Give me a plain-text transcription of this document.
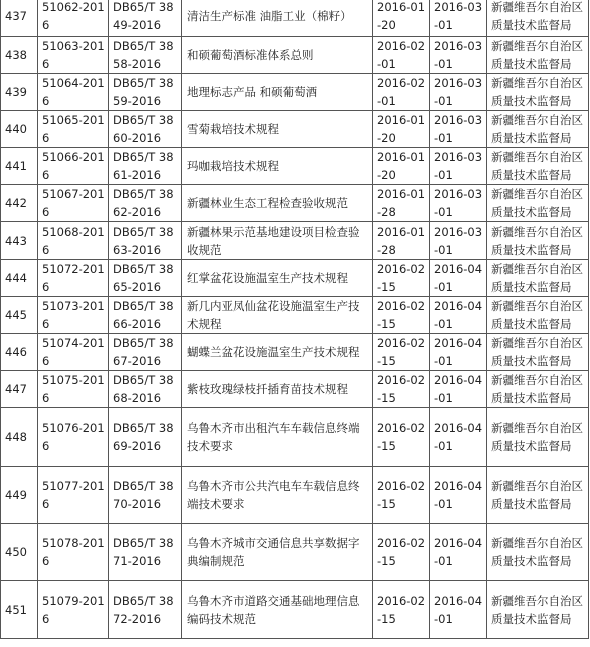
437	51062-2016	DB65/T 3849-2016	清洁生产标准 油脂工业（棉籽）	2016-01-20	2016-03-01	新疆维吾尔自治区质量技术监督局
438	51063-2016	DB65/T 3858-2016	和硕葡萄酒标准体系总则	2016-02-01	2016-03-01	新疆维吾尔自治区质量技术监督局
439	51064-2016	DB65/T 3859-2016	地理标志产品 和硕葡萄酒	2016-02-01	2016-03-01	新疆维吾尔自治区质量技术监督局
440	51065-2016	DB65/T 3860-2016	雪菊栽培技术规程	2016-01-20	2016-03-01	新疆维吾尔自治区质量技术监督局
441	51066-2016	DB65/T 3861-2016	玛咖栽培技术规程	2016-01-20	2016-03-01	新疆维吾尔自治区质量技术监督局
442	51067-2016	DB65/T 3862-2016	新疆林业生态工程检查验收规范	2016-01-28	2016-03-01	新疆维吾尔自治区质量技术监督局
443	51068-2016	DB65/T 3863-2016	新疆林果示范基地建设项目检查验收规范	2016-01-28	2016-03-01	新疆维吾尔自治区质量技术监督局
444	51072-2016	DB65/T 3865-2016	红掌盆花设施温室生产技术规程	2016-02-15	2016-04-01	新疆维吾尔自治区质量技术监督局
445	51073-2016	DB65/T 3866-2016	新几内亚凤仙盆花设施温室生产技术规程	2016-02-15	2016-04-01	新疆维吾尔自治区质量技术监督局
446	51074-2016	DB65/T 3867-2016	蝴蝶兰盆花设施温室生产技术规程	2016-02-15	2016-04-01	新疆维吾尔自治区质量技术监督局
447	51075-2016	DB65/T 3868-2016	紫枝玫瑰绿枝扦插育苗技术规程	2016-02-15	2016-04-01	新疆维吾尔自治区质量技术监督局
448	51076-2016	DB65/T 3869-2016	乌鲁木齐市出租汽车车载信息终端技术要求	2016-02-15	2016-04-01	新疆维吾尔自治区质量技术监督局
449	51077-2016	DB65/T 3870-2016	乌鲁木齐市公共汽电车车载信息终端技术要求	2016-02-15	2016-04-01	新疆维吾尔自治区质量技术监督局
450	51078-2016	DB65/T 3871-2016	乌鲁木齐城市交通信息共享数据字典编制规范	2016-02-15	2016-04-01	新疆维吾尔自治区质量技术监督局
451	51079-2016	DB65/T 3872-2016	乌鲁木齐市道路交通基础地理信息编码技术规范	2016-02-15	2016-04-01	新疆维吾尔自治区质量技术监督局
